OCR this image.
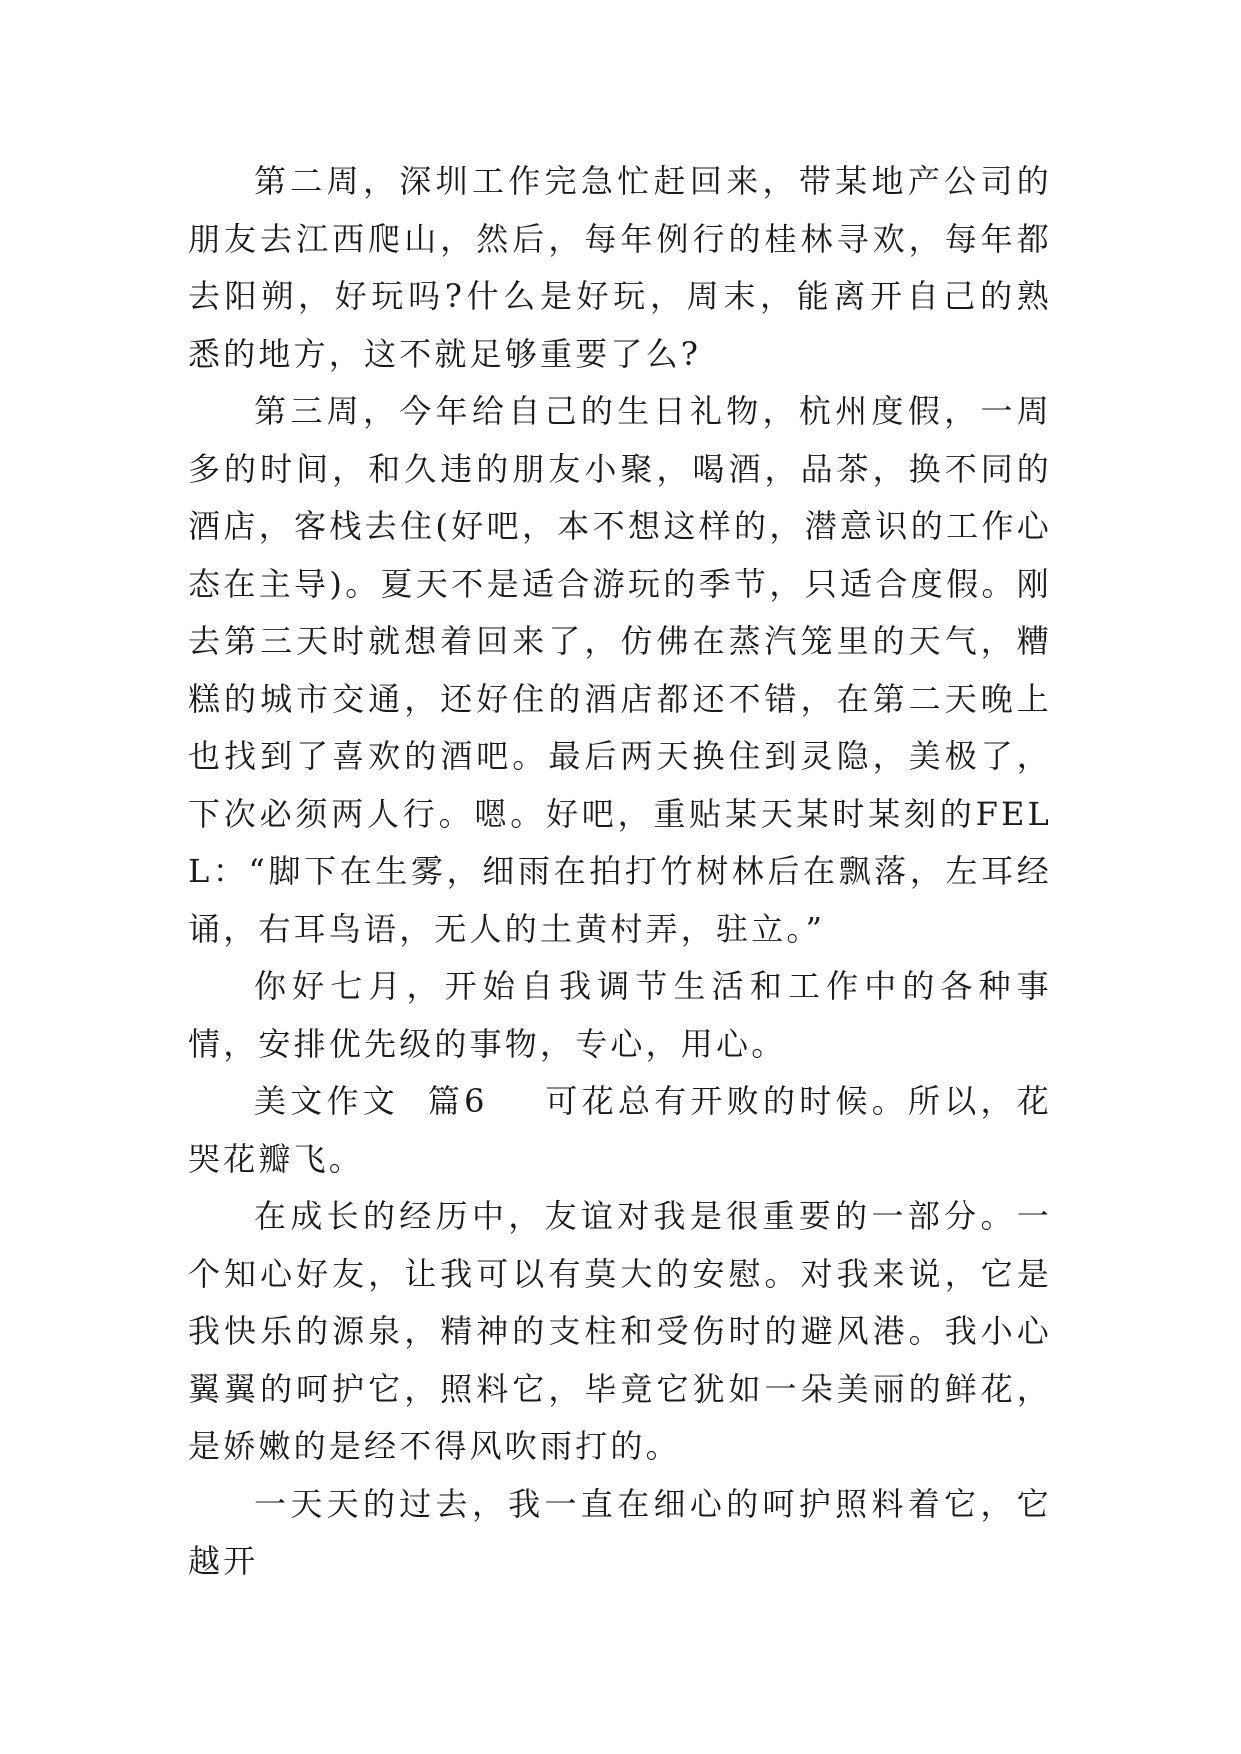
第二周，深圳工作完急忙赶回来，带某地产公司的朋友去江西爬山，然后，每年例行的桂林寻欢，每年都去阳朔，好玩吗?什么是好玩，周末，能离开自己的熟悉的地方，这不就足够重要了么?

第三周，今年给自己的生日礼物，杭州度假，一周多的时间，和久违的朋友小聚，喝酒，品茶，换不同的酒店，客栈去住(好吧，本不想这样的，潜意识的工作心态在主导)。夏天不是适合游玩的季节，只适合度假。刚去第三天时就想着回来了，仿佛在蒸汽笼里的天气，糟糕的城市交通，还好住的酒店都还不错，在第二天晚上也找到了喜欢的酒吧。最后两天换住到灵隐，美极了，下次必须两人行。嗯。好吧，重贴某天某时某刻的FELL：“脚下在生雾，细雨在拍打竹树林后在飘落，左耳经诵，右耳鸟语，无人的土黄村弄，驻立。”

你好七月，开始自我调节生活和工作中的各种事情，安排优先级的事物，专心，用心。

美文作文  篇6    可花总有开败的时候。所以，花哭花瓣飞。

在成长的经历中，友谊对我是很重要的一部分。一个知心好友，让我可以有莫大的安慰。对我来说，它是我快乐的源泉，精神的支柱和受伤时的避风港。我小心翼翼的呵护它，照料它，毕竟它犹如一朵美丽的鲜花，是娇嫩的是经不得风吹雨打的。

一天天的过去，我一直在细心的呵护照料着它，它越开
